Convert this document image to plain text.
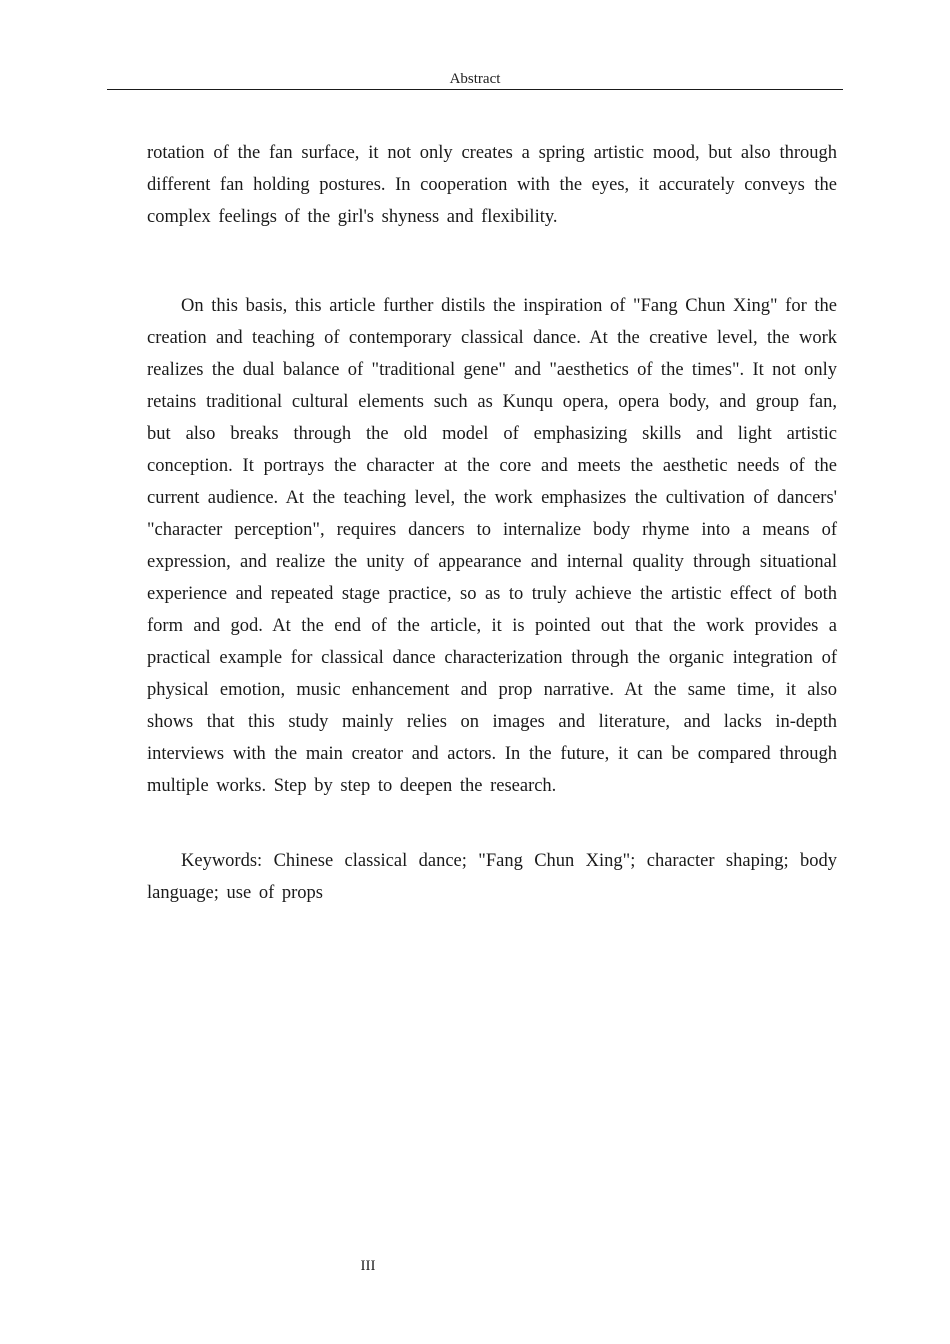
Abstract

rotation of the fan surface, it not only creates a spring artistic mood, but also through different fan holding postures. In cooperation with the eyes, it accurately conveys the complex feelings of the girl's shyness and flexibility.

On this basis, this article further distils the inspiration of "Fang Chun Xing" for the creation and teaching of contemporary classical dance. At the creative level, the work realizes the dual balance of "traditional gene" and "aesthetics of the times". It not only retains traditional cultural elements such as Kunqu opera, opera body, and group fan, but also breaks through the old model of emphasizing skills and light artistic conception. It portrays the character at the core and meets the aesthetic needs of the current audience. At the teaching level, the work emphasizes the cultivation of dancers' "character perception", requires dancers to internalize body rhyme into a means of expression, and realize the unity of appearance and internal quality through situational experience and repeated stage practice, so as to truly achieve the artistic effect of both form and god. At the end of the article, it is pointed out that the work provides a practical example for classical dance characterization through the organic integration of physical emotion, music enhancement and prop narrative. At the same time, it also shows that this study mainly relies on images and literature, and lacks in-depth interviews with the main creator and actors. In the future, it can be compared through multiple works. Step by step to deepen the research.

Keywords: Chinese classical dance; "Fang Chun Xing"; character shaping; body language; use of props

III
